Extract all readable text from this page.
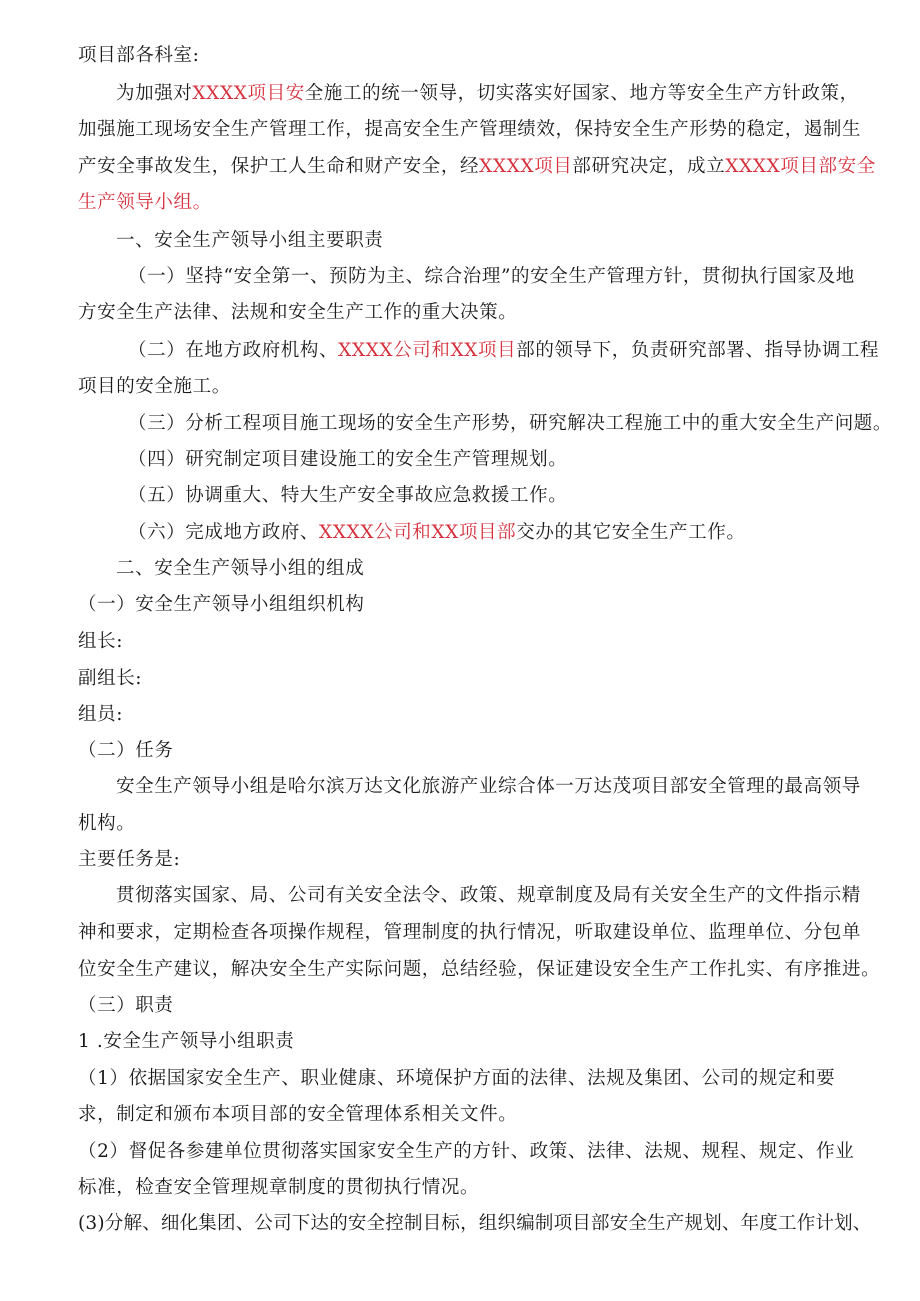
项目部各科室:
为加强对XXXX项目安全施工的统一领导，切实落实好国家、地方等安全生产方针政策，
加强施工现场安全生产管理工作，提高安全生产管理绩效，保持安全生产形势的稳定，遏制生
产安全事故发生，保护工人生命和财产安全，经XXXX项目部研究决定，成立XXXX项目部安全
生产领导小组。
一、安全生产领导小组主要职责
（一）坚持“安全第一、预防为主、综合治理”的安全生产管理方针，贯彻执行国家及地
方安全生产法律、法规和安全生产工作的重大决策。
（二）在地方政府机构、XXXX公司和XX项目部的领导下，负责研究部署、指导协调工程
项目的安全施工。
（三）分析工程项目施工现场的安全生产形势，研究解决工程施工中的重大安全生产问题。
（四）研究制定项目建设施工的安全生产管理规划。
（五）协调重大、特大生产安全事故应急救援工作。
（六）完成地方政府、XXXX公司和XX项目部交办的其它安全生产工作。
二、安全生产领导小组的组成
（一）安全生产领导小组组织机构
组长:
副组长:
组员:
（二）任务
安全生产领导小组是哈尔滨万达文化旅游产业综合体一万达茂项目部安全管理的最高领导
机构。
主要任务是:
贯彻落实国家、局、公司有关安全法令、政策、规章制度及局有关安全生产的文件指示精
神和要求，定期检查各项操作规程，管理制度的执行情况，听取建设单位、监理单位、分包单
位安全生产建议，解决安全生产实际问题，总结经验，保证建设安全生产工作扎实、有序推进。
（三）职责
1 .安全生产领导小组职责
（1）依据国家安全生产、职业健康、环境保护方面的法律、法规及集团、公司的规定和要
求，制定和颁布本项目部的安全管理体系相关文件。
（2）督促各参建单位贯彻落实国家安全生产的方针、政策、法律、法规、规程、规定、作业
标准，检查安全管理规章制度的贯彻执行情况。
(3)分解、细化集团、公司下达的安全控制目标，组织编制项目部安全生产规划、年度工作计划、
